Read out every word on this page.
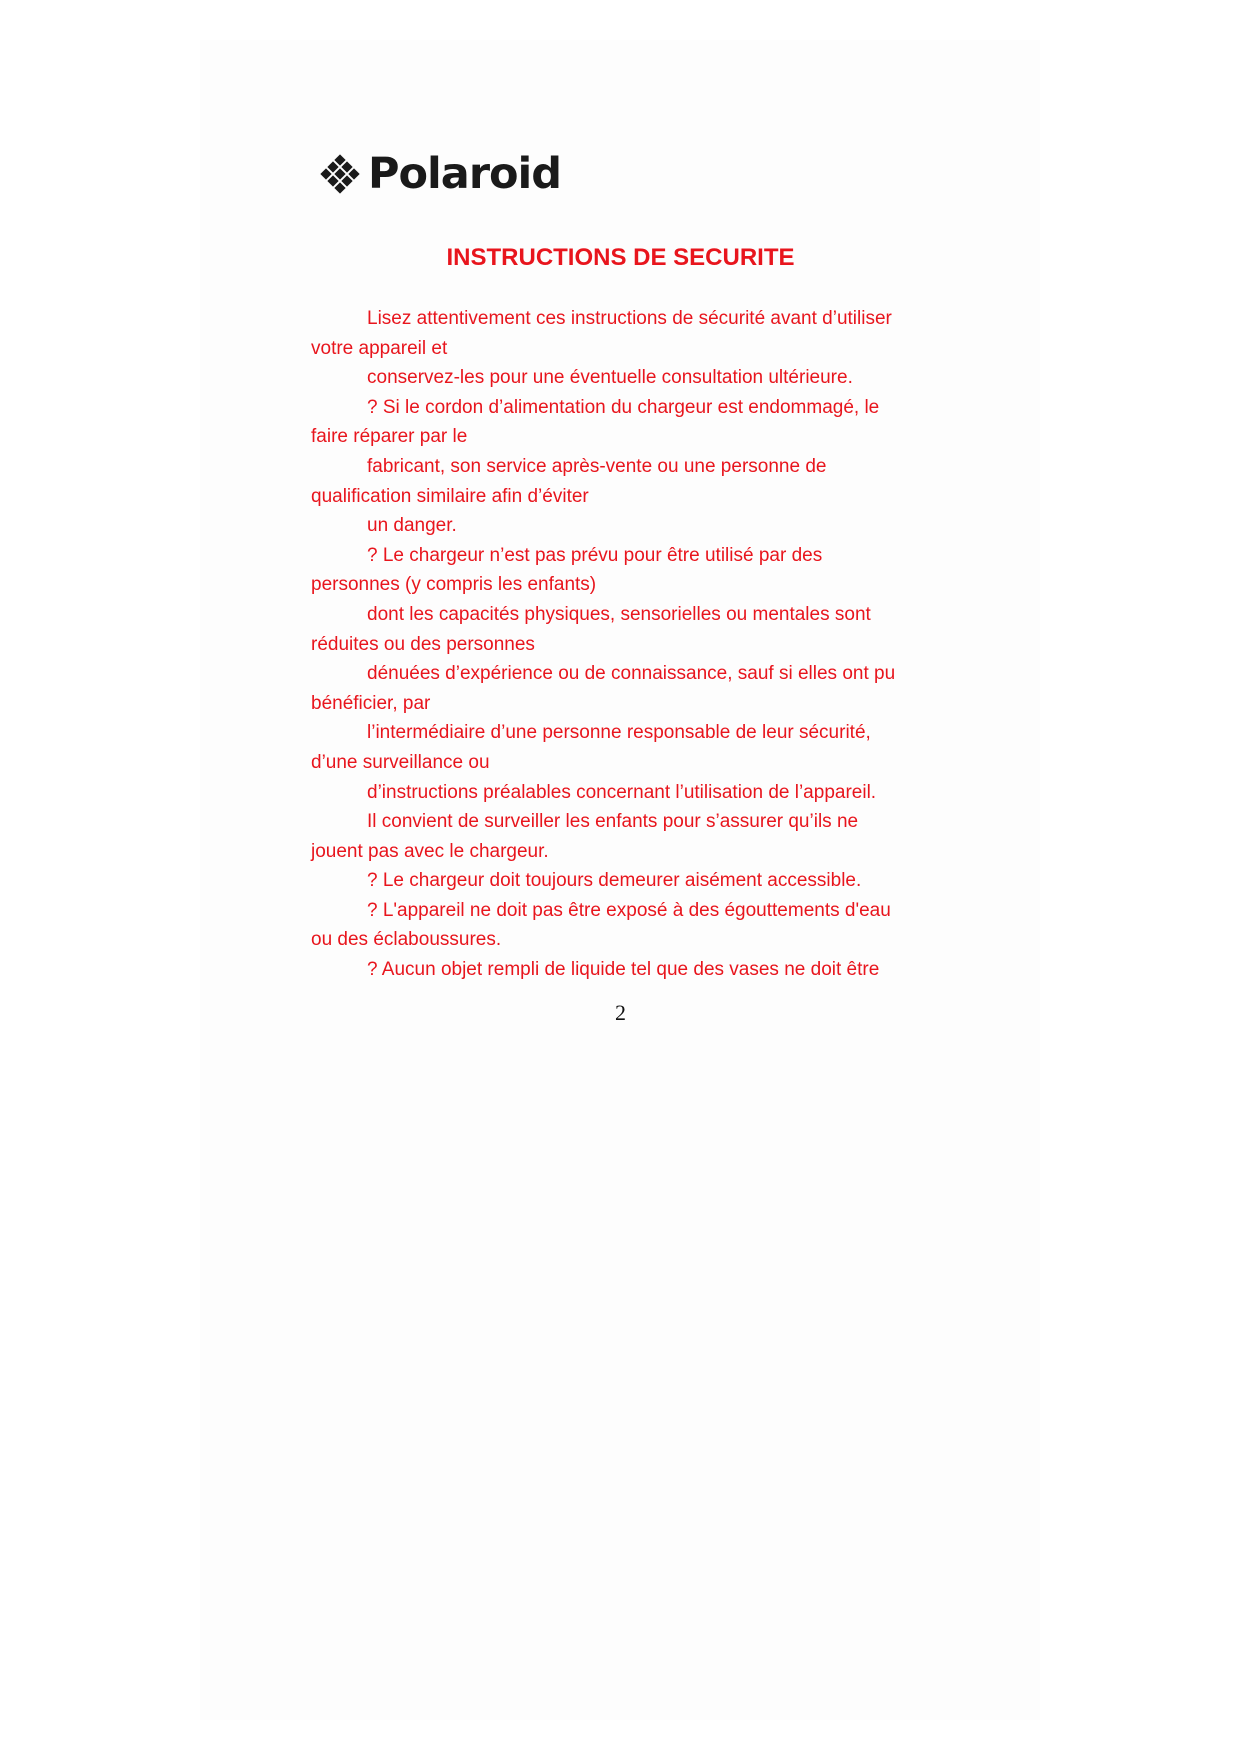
Polaroid
INSTRUCTIONS DE SECURITE
Lisez attentivement ces instructions de sécurité avant d’utiliser
votre appareil et
conservez-les pour une éventuelle consultation ultérieure.
? Si le cordon d’alimentation du chargeur est endommagé, le
faire réparer par le
fabricant, son service après-vente ou une personne de
qualification similaire afin d’éviter
un danger.
? Le chargeur n’est pas prévu pour être utilisé par des
personnes (y compris les enfants)
dont les capacités physiques, sensorielles ou mentales sont
réduites ou des personnes
dénuées d’expérience ou de connaissance, sauf si elles ont pu
bénéficier, par
l’intermédiaire d’une personne responsable de leur sécurité,
d’une surveillance ou
d’instructions préalables concernant l’utilisation de l’appareil.
Il convient de surveiller les enfants pour s’assurer qu’ils ne
jouent pas avec le chargeur.
? Le chargeur doit toujours demeurer aisément accessible.
? L'appareil ne doit pas être exposé à des égouttements d'eau
ou des éclaboussures.
? Aucun objet rempli de liquide tel que des vases ne doit être
2
